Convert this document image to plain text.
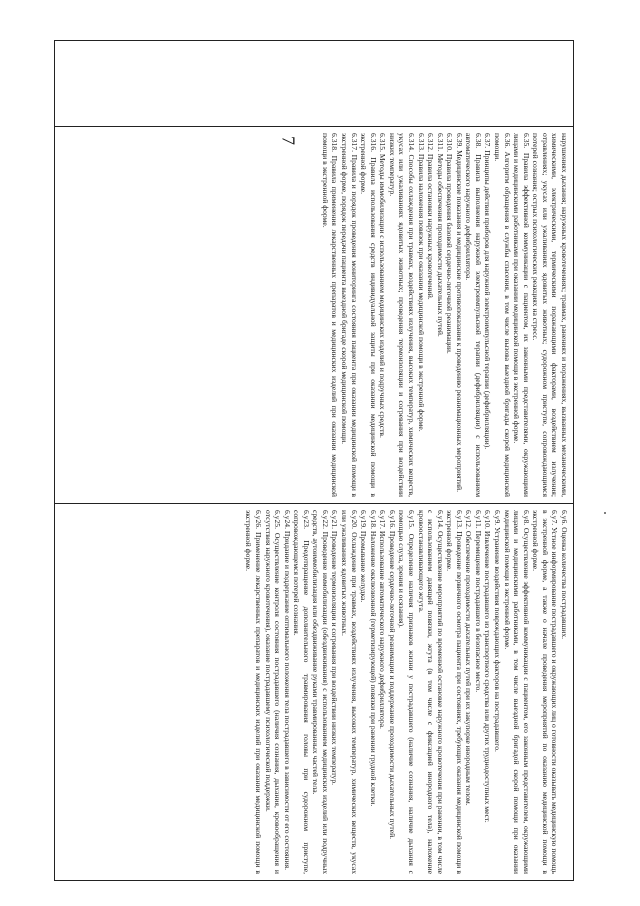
7
		нарушениях дыхания; наружных кровотечениях; травмах, ранениях и поражениях, вызванных механическими, химическими, электрическими, термическими поражающими факторами, воздействием излучения; отравлениях; укусах или ужаливаниях ядовитых животных; судорожном приступе, сопровождающимся потерей сознания; острых психологических реакциях на стресс.
6.35. Правила эффективной коммуникации с пациентом, их законными представителями, окружающими лицами и медицинскими работниками при оказании медицинской помощи в экстренной форме.
6.36. Алгоритм обращения в службы спасения, в том числе вызова выездной бригады скорой медицинской помощи.
6.37. Принципы действия приборов для наружной электроимпульсной терапии (дефибрилляции).
6.38. Правила выполнения наружной электроимпульсной терапии (дефибрилляции) с использованием автоматического наружного дефибриллятора.
6.39. Медицинские показания и медицинские противопоказания к проведению реанимационных мероприятий.
6.310. Правила проведения базовой сердечно-легочной реанимации.
6.311. Методы обеспечения проходимости дыхательных путей.
6.312. Правила остановки наружных кровотечений.
6.313. Правила наложения повязок при оказании медицинской помощи в экстренной форме.
6.314. Способы охлаждения при травмах, воздействиях излучения, высоких температур, химических веществ, укусах или ужаливаниях ядовитых животных; проведения термоизоляции и согревания при воздействии низких температур.
6.315. Методы иммобилизации с использованием медицинских изделий и подручных средств.
6.316. Правила использования средств индивидуальной защиты при оказании медицинской помощи в экстренной форме.
6.317. Правила и порядок проведения мониторинга состояния пациента при оказании медицинской помощи в экстренной форме, порядок передачи пациента выездной бригаде скорой медицинской помощи.
6.318. Правила применения лекарственных препаратов и медицинских изделий при оказании медицинской помощи в экстренной форме.

6.у6. Оценка количества пострадавших.
6.у7. Устное информирование пострадавшего и окружающих лиц о готовности оказывать медицинскую помощь в экстренной форме, а также о начале проведения мероприятий по оказанию медицинской помощи в экстренной форме.
6.у8. Осуществление эффективной коммуникации с пациентом, его законным представителем, окружающими лицами и медицинскими работниками, в том числе выездной бригадой скорой помощи при оказании медицинской помощи в экстренной форме.
6.у9. Устранение воздействия повреждающих факторов на пострадавшего.
6.у10. Извлечение пострадавшего из транспортного средства или других труднодоступных мест.
6.у11. Перемещение пострадавшего в безопасное место.
6.у12. Обеспечение проходимости дыхательных путей при их закупорке инородным телом.
6.у13. Проведение первичного осмотра пациента при состояниях, требующих оказания медицинской помощи в экстренной форме.
6.у14. Осуществление мероприятий по временной остановке наружного кровотечения при ранении, в том числе с использованием давящей повязки, жгута (в том числе с фиксацией инородного тела), наложение кровоостанавливающего жгута.
6.у15. Определение наличия признаков жизни у пострадавшего (наличие сознания, наличие дыхания с помощью слуха, зрения и осязания).
6.у16. Проведение сердечно-легочной реанимации и поддержание проходимости дыхательных путей.
6.у17. Использование автоматического наружного дефибриллятора.
6.у18. Наложение окклюзионной (герметизирующей) повязки при ранении грудной клетки.
6.у19. Промывание желудка.
6.у20. Охлаждение при травмах, воздействиях излучения, высоких температур, химических веществ, укусах или ужаливаниях ядовитых животных.
6.у21. Проведение термоизоляции и согревания при воздействии низких температур.
6.у22. Проведение иммобилизации (обездвиживания) с использованием медицинских изделий или подручных средств, аутоиммобилизация или обездвиживание руками травмированных частей тела.
6.у23. Предотвращение дополнительного травмирования головы при судорожном приступе, сопровождающемся потерей сознания.
6.у24. Придание и поддержание оптимального положения тела пострадавшего в зависимости от его состояния.
6.у25. Осуществление контроля состояния пострадавшего (наличия сознания, дыхания, кровообращения и отсутствия наружного кровотечения), оказание пострадавшему психологической поддержки.
6.у26. Применение лекарственных препаратов и медицинских изделий при оказании медицинской помощи в экстренной форме.
